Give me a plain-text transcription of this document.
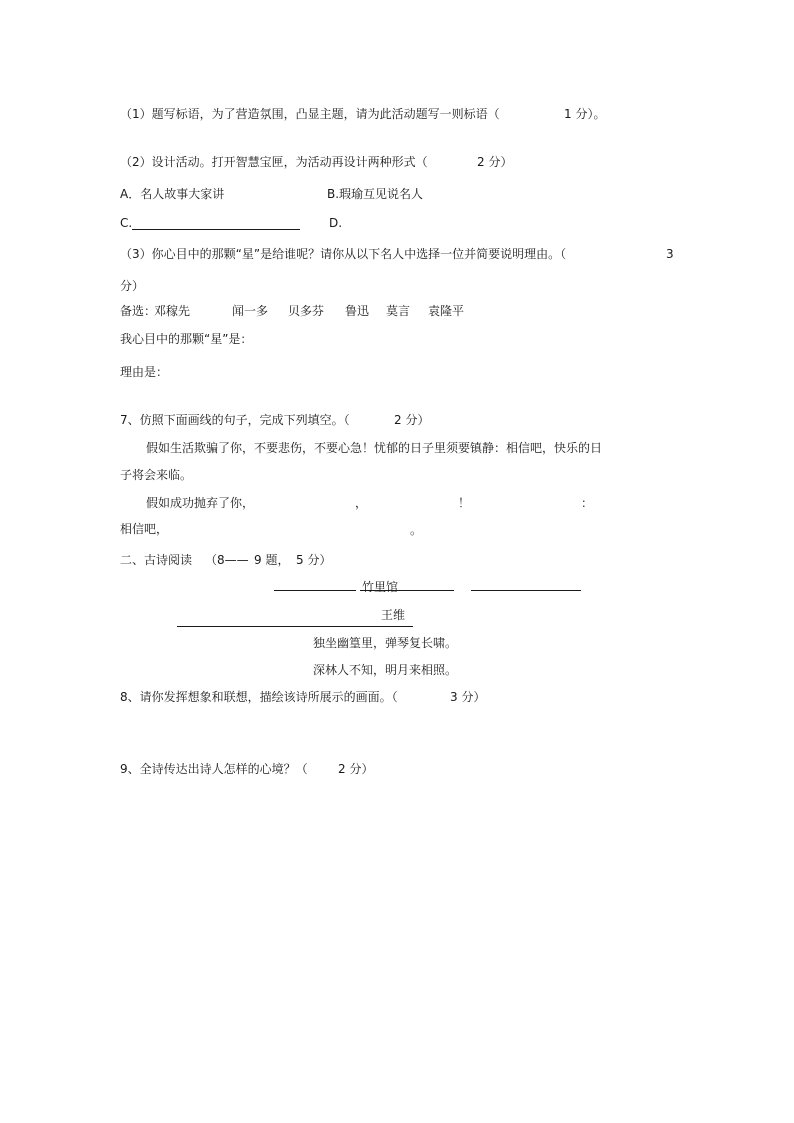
（1）题写标语，为了营造氛围，凸显主题，请为此活动题写一则标语（	1 分）。
（2）设计活动。打开智慧宝匣，为活动再设计两种形式（	2 分）
A．名人故事大家讲	B.瑕瑜互见说名人
C.	D.
（3）你心目中的那颗“星”是给谁呢？请你从以下名人中选择一位并简要说明理由。（	3
分）
备选：
邓稼先	闻一多 贝多芬 鲁迅 莫言 袁隆平
我心目中的那颗“星”是：
理由是：
7、仿照下面画线的句子，完成下列填空。（	2 分）
假如生活欺骗了你，不要悲伤，不要心急！忧郁的日子里须要镇静：相信吧，快乐的日
子将会来临。
假如成功抛弃了你，	，	！	：
相信吧，	。
二、古诗阅读 （8—— 9 题， 5 分）
竹里馆
王维
独坐幽篁里，弹琴复长啸。
深林人不知，明月来相照。
8、请你发挥想象和联想，描绘该诗所展示的画面。（	3 分）
9、全诗传达出诗人怎样的心境？（	2 分）
